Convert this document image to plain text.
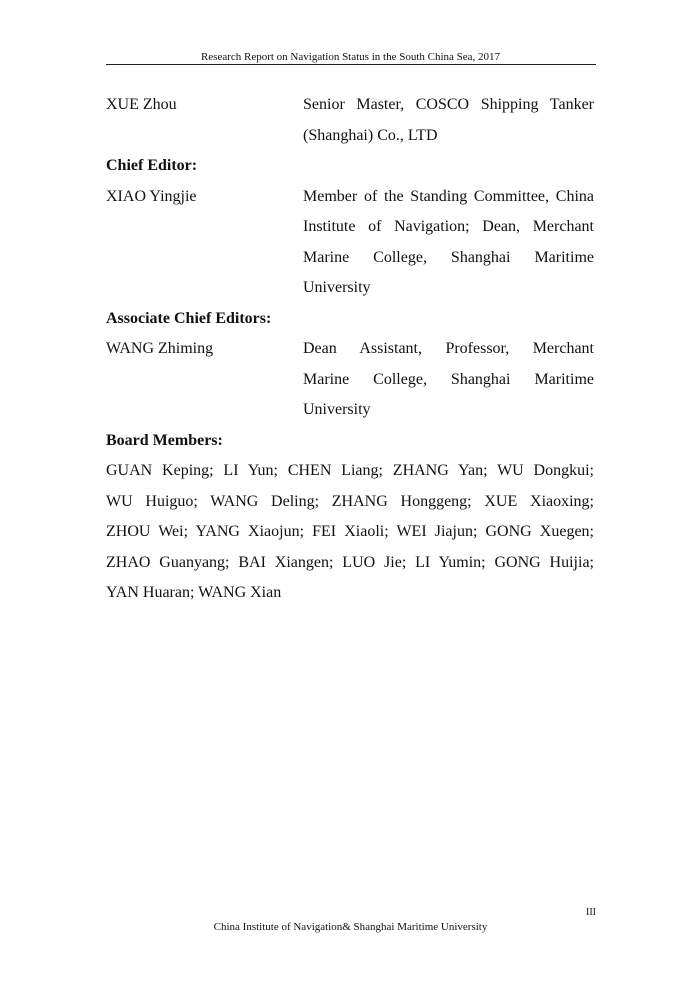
Research Report on Navigation Status in the South China Sea, 2017
XUE Zhou	Senior Master, COSCO Shipping Tanker
(Shanghai) Co., LTD
Chief Editor:
XIAO Yingjie	Member of the Standing Committee, China
Institute of Navigation; Dean, Merchant
Marine College, Shanghai Maritime
University
Associate Chief Editors:
WANG Zhiming	Dean Assistant, Professor, Merchant
Marine College, Shanghai Maritime
University
Board Members:
GUAN Keping; LI Yun; CHEN Liang; ZHANG Yan; WU Dongkui;
WU Huiguo; WANG Deling; ZHANG Honggeng; XUE Xiaoxing;
ZHOU Wei; YANG Xiaojun; FEI Xiaoli; WEI Jiajun; GONG Xuegen;
ZHAO Guanyang; BAI Xiangen; LUO Jie; LI Yumin; GONG Huijia;
YAN Huaran; WANG Xian
III
China Institute of Navigation& Shanghai Maritime University
